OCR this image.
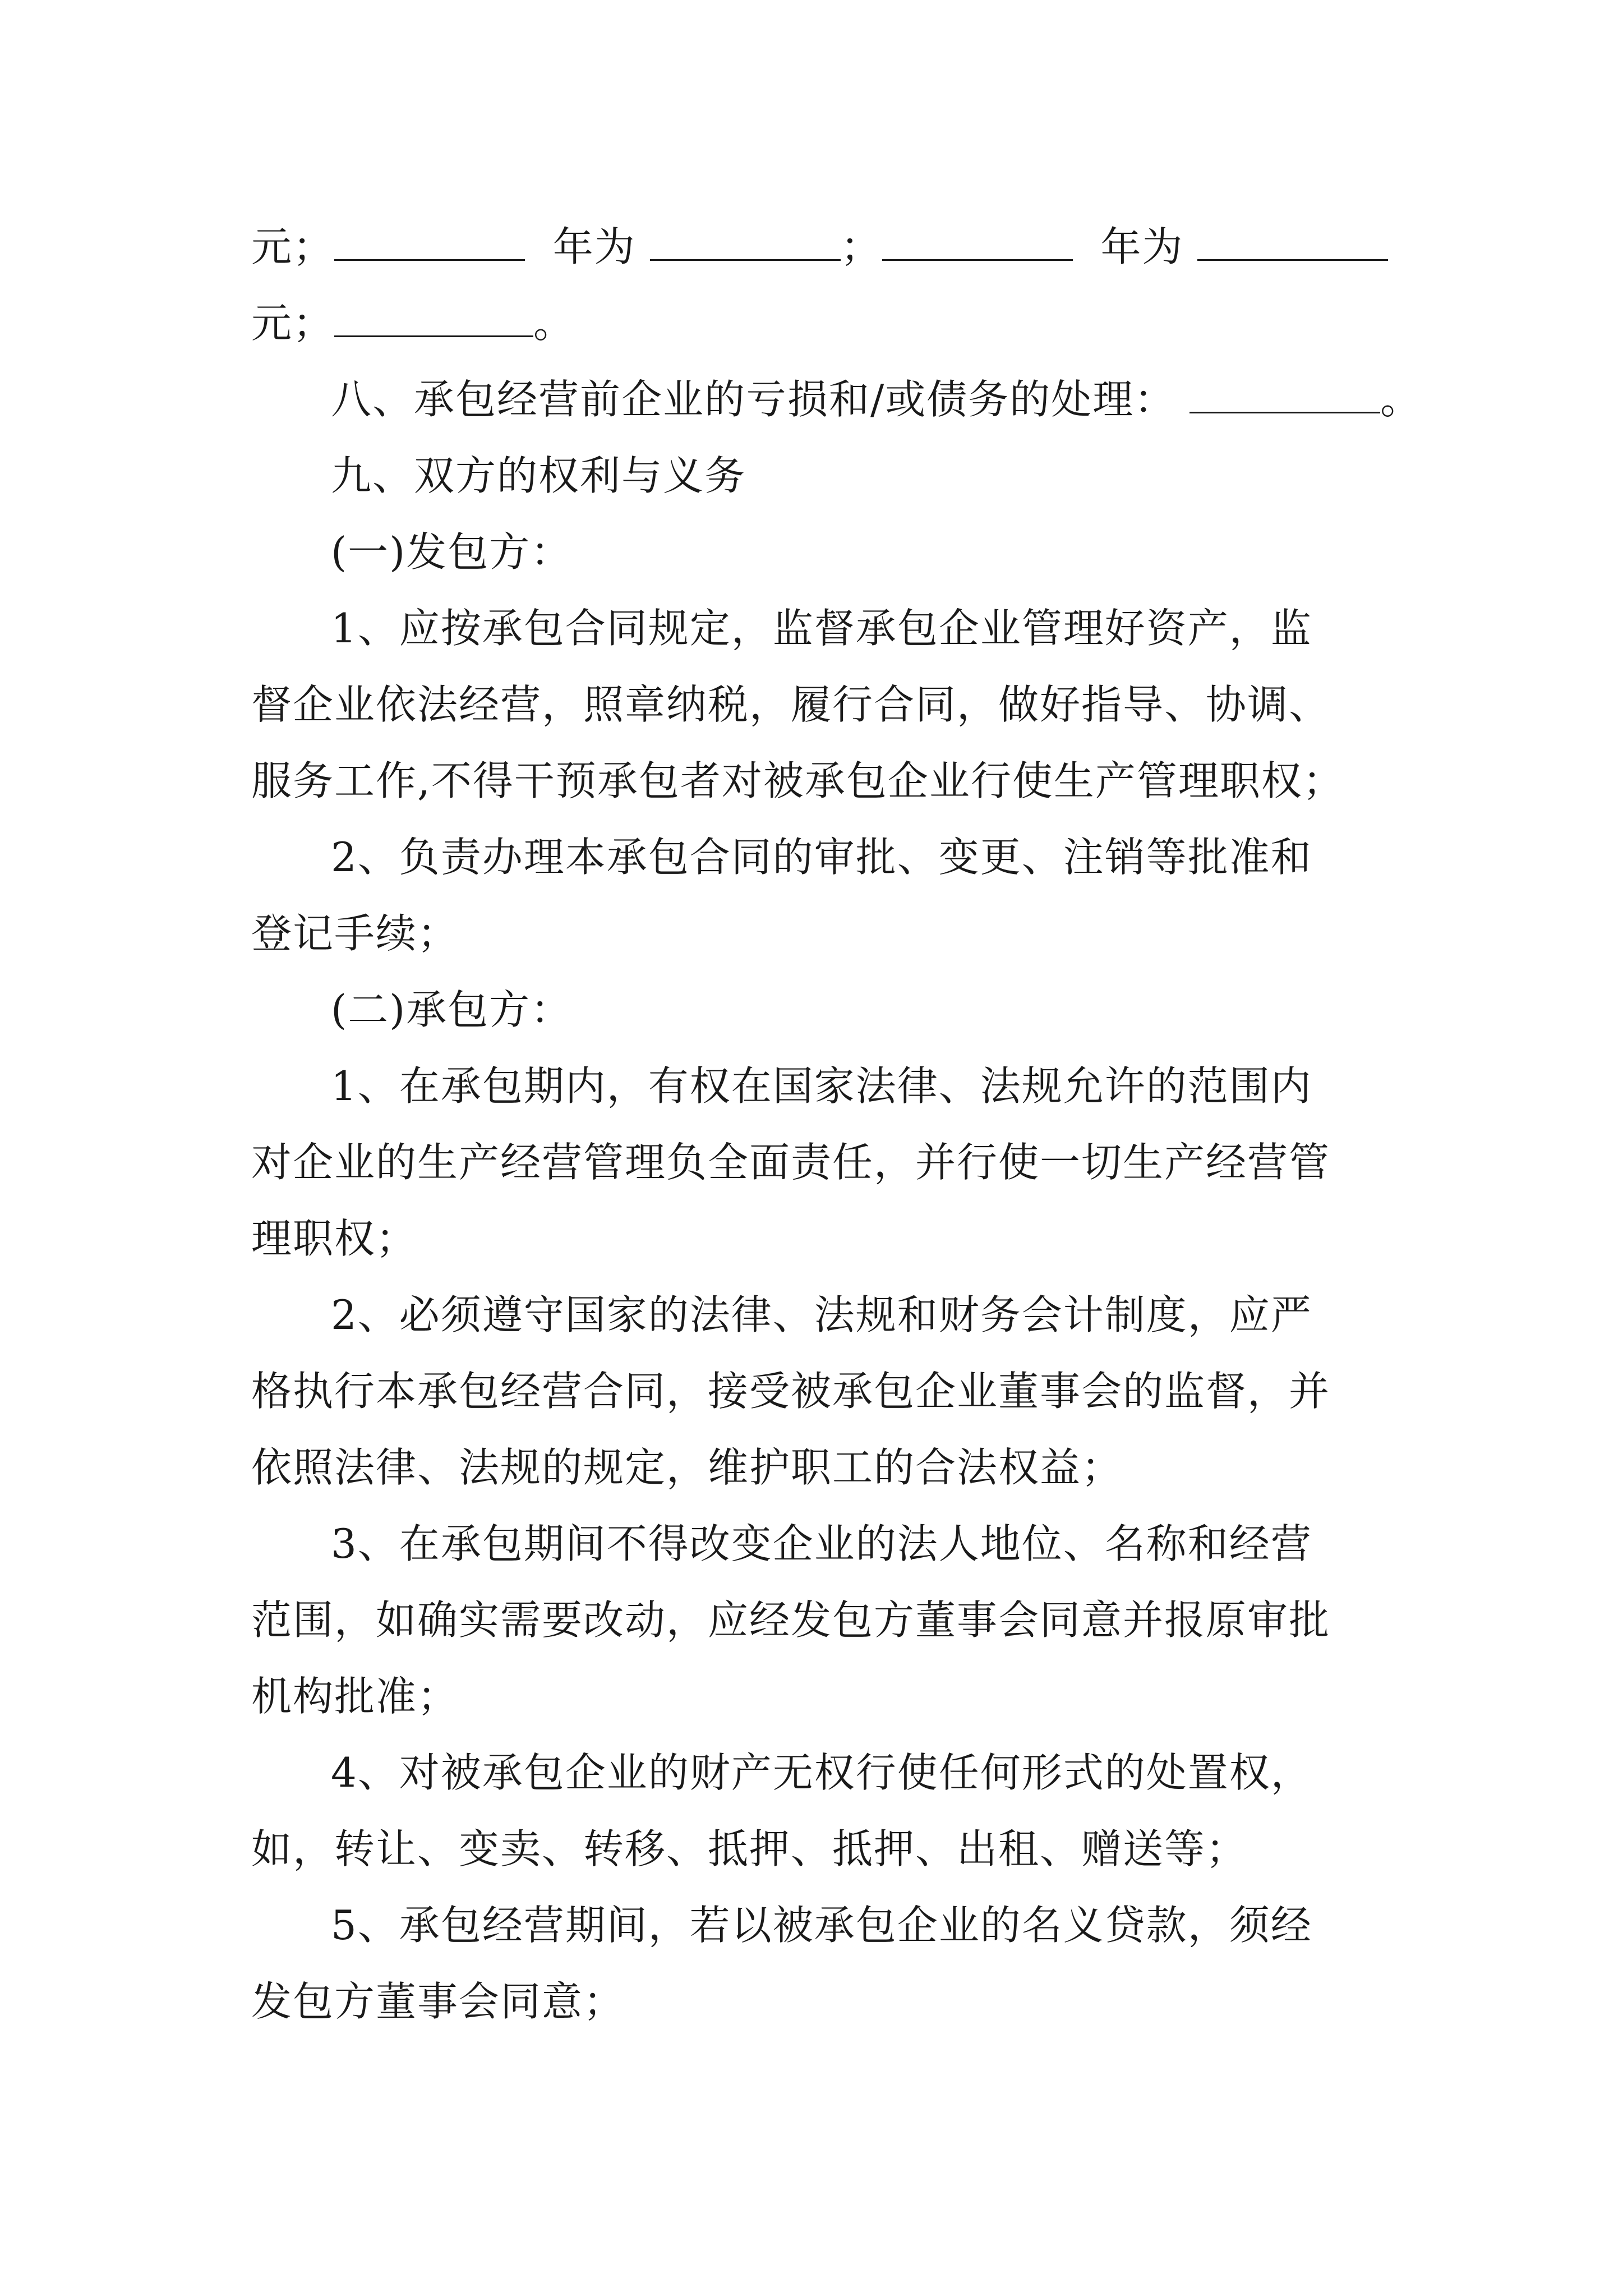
元；	年为	；	年为
元；	。
八、承包经营前企业的亏损和/或债务的处理：	。
九、双方的权利与义务
(一)发包方：
1、应按承包合同规定，监督承包企业管理好资产，监
督企业依法经营，照章纳税，履行合同，做好指导、协调、
服务工作,不得干预承包者对被承包企业行使生产管理职权；
2、负责办理本承包合同的审批、变更、注销等批准和
登记手续；
(二)承包方：
1、在承包期内，有权在国家法律、法规允许的范围内
对企业的生产经营管理负全面责任，并行使一切生产经营管
理职权；
2、必须遵守国家的法律、法规和财务会计制度，应严
格执行本承包经营合同，接受被承包企业董事会的监督，并
依照法律、法规的规定，维护职工的合法权益；
3、在承包期间不得改变企业的法人地位、名称和经营
范围，如确实需要改动，应经发包方董事会同意并报原审批
机构批准；
4、对被承包企业的财产无权行使任何形式的处置权，
如，转让、变卖、转移、抵押、抵押、出租、赠送等；
5、承包经营期间，若以被承包企业的名义贷款，须经
发包方董事会同意；
